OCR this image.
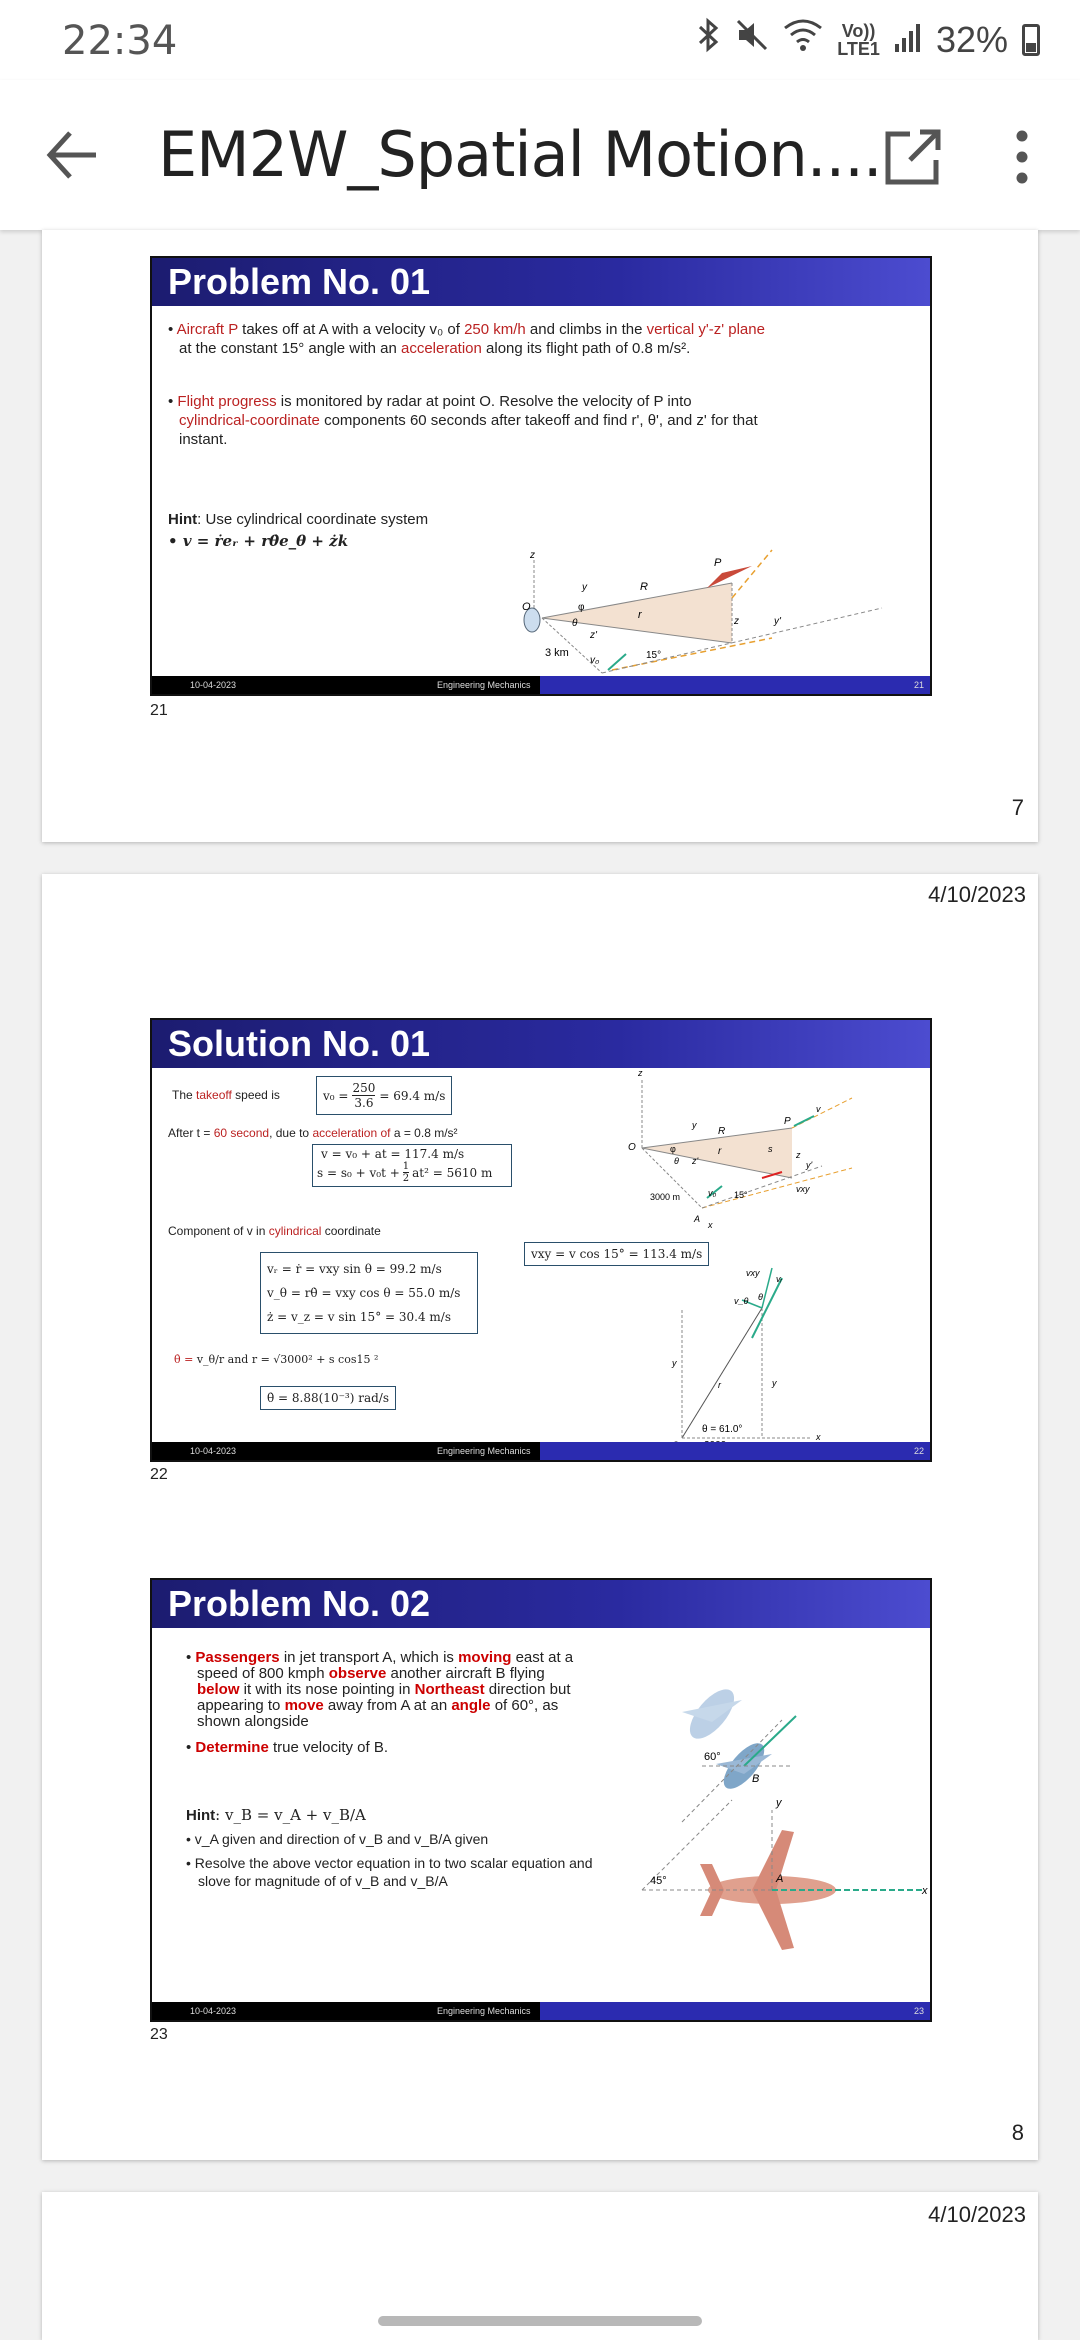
22:34	Vo))
LTE1 32%
EM2W_Spatial Motion....
Problem No. 01
• Aircraft P takes off at A with a velocity v₀ of 250 km/h and climbs in the vertical y'-z' plane
at the constant 15° angle with an acceleration along its flight path of 0.8 m/s².
• Flight progress is monitored by radar at point O. Resolve the velocity of P into
cylindrical-coordinate components 60 seconds after takeoff and find r', θ', and z' for that
instant.
Hint: Use cylindrical coordinate system
• v = ṙeᵣ + rθ̇e_θ + żk
O
R
r
P
z
y
y'
z'
z
θ
φ
3 km
v₀	15°
10-04-2023	Engineering Mechanics	21
21
7
4/10/2023
Solution No. 01
The takeoff speed is	$v_0 = \frac{250}{3.6} = 69.4$ m/s
After t = 60 second, due to acceleration of a = 0.8 m/s²
v = v₀ + at = 117.4 m/s
$s = s_0 + v_0t + \frac{1}{2} at^2 = 5610$ m
Component of v in cylindrical coordinate
vxy = v cos 15° = 113.4 m/s
vᵣ = ṙ = vxy sin θ = 99.2 m/s
v_θ = rθ̇ = vxy cos θ = 55.0 m/s
ż = v_z = v sin 15° = 30.4 m/s
θ̇ = v_θ/r and r = √3000² + s cos15 ²
θ̇ = 8.88(10⁻³) rad/s
O
R
r
P
v
z
y
y'
z'
z
A
x
s
3000 m	15°
vxy
v₀
θ
φ
vxy
v_θ
vᵣ
θ
y
r	y
x
θ = 61.0°
10-04-2023	Engineering Mechanics	22
22
Problem No. 02
• Passengers in jet transport A, which is moving east at a
speed of 800 kmph observe another aircraft B flying
below it with its nose pointing in Northeast direction but
appearing to move away from A at an angle of 60°, as
shown alongside
• Determine true velocity of B.
Hint: v_B = v_A + v_B/A
• v_A given and direction of v_B and v_B/A given
• Resolve the above vector equation in to two scalar equation and
slove for magnitude of of v_B and v_B/A
60°
45°
B
A
y
x
10-04-2023	Engineering Mechanics	23
23
8
4/10/2023
